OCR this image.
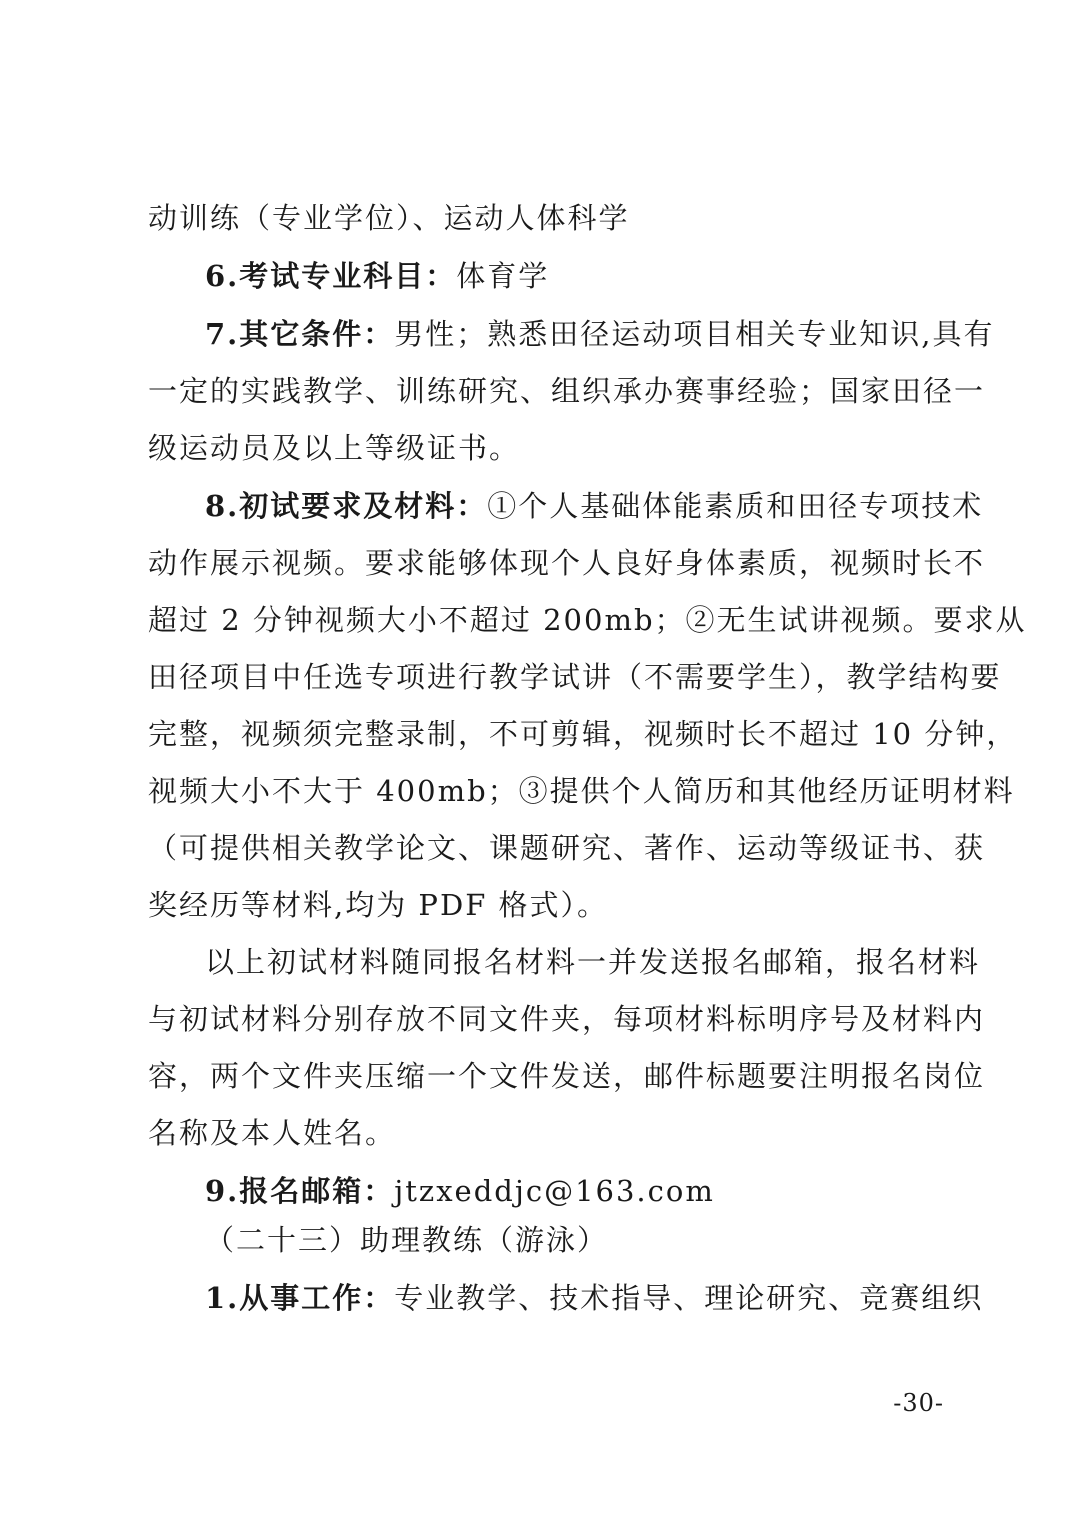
动训练（专业学位）、运动人体科学
6.考试专业科目：体育学
7.其它条件：男性；熟悉田径运动项目相关专业知识,具有
一定的实践教学、训练研究、组织承办赛事经验；国家田径一
级运动员及以上等级证书。
8.初试要求及材料：①个人基础体能素质和田径专项技术
动作展示视频。要求能够体现个人良好身体素质，视频时长不
超过 2 分钟视频大小不超过 200mb；②无生试讲视频。要求从
田径项目中任选专项进行教学试讲（不需要学生），教学结构要
完整，视频须完整录制，不可剪辑，视频时长不超过 10 分钟，
视频大小不大于 400mb；③提供个人简历和其他经历证明材料
（可提供相关教学论文、课题研究、著作、运动等级证书、获
奖经历等材料,均为 PDF 格式）。
以上初试材料随同报名材料一并发送报名邮箱，报名材料
与初试材料分别存放不同文件夹，每项材料标明序号及材料内
容，两个文件夹压缩一个文件发送，邮件标题要注明报名岗位
名称及本人姓名。
9.报名邮箱：jtzxeddjc@163.com
（二十三）助理教练（游泳）
1.从事工作：专业教学、技术指导、理论研究、竞赛组织
-30-
